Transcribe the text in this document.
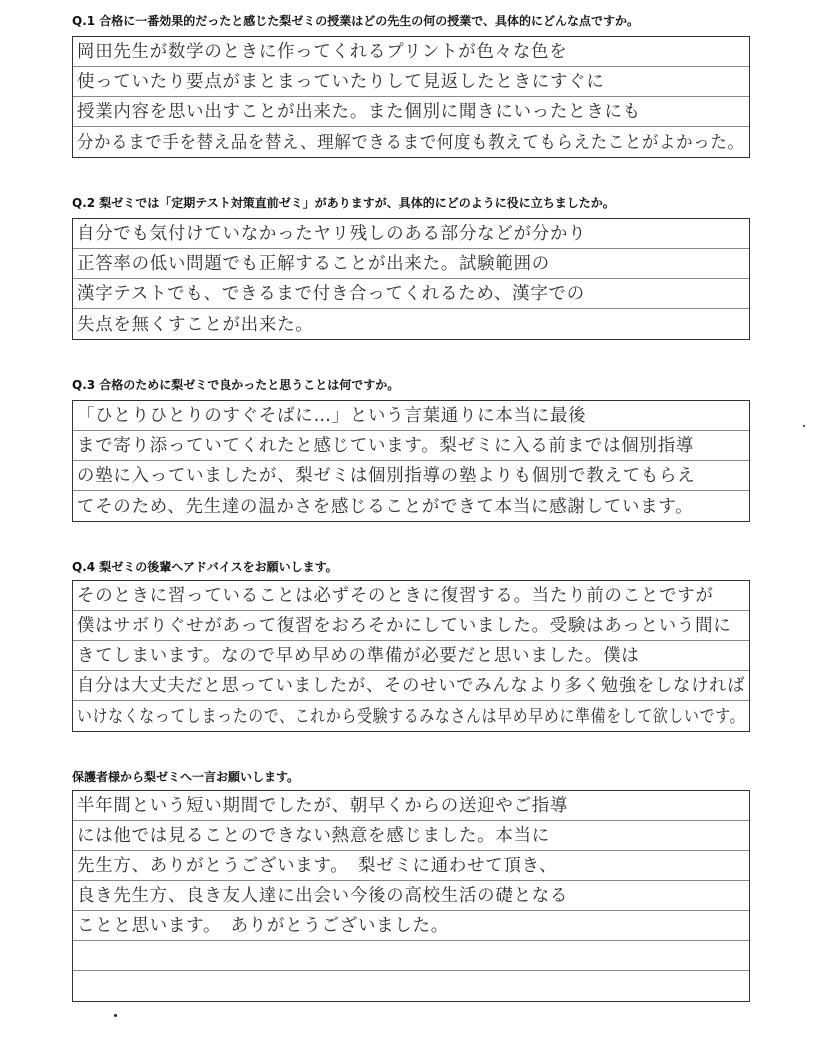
Q.1 合格に一番効果的だったと感じた梨ゼミの授業はどの先生の何の授業で、具体的にどんな点ですか。
岡田先生が数学のときに作ってくれるプリントが色々な色を
使っていたり要点がまとまっていたりして見返したときにすぐに
授業内容を思い出すことが出来た。また個別に聞きにいったときにも
分かるまで手を替え品を替え、理解できるまで何度も教えてもらえたことがよかった。
Q.2 梨ゼミでは「定期テスト対策直前ゼミ」がありますが、具体的にどのように役に立ちましたか。
自分でも気付けていなかったヤリ残しのある部分などが分かり
正答率の低い問題でも正解することが出来た。試験範囲の
漢字テストでも、できるまで付き合ってくれるため、漢字での
失点を無くすことが出来た。
Q.3 合格のために梨ゼミで良かったと思うことは何ですか。
「ひとりひとりのすぐそばに…」という言葉通りに本当に最後
まで寄り添っていてくれたと感じています。梨ゼミに入る前までは個別指導
の塾に入っていましたが、梨ゼミは個別指導の塾よりも個別で教えてもらえ
てそのため、先生達の温かさを感じることができて本当に感謝しています。
Q.4 梨ゼミの後輩へアドバイスをお願いします。
そのときに習っていることは必ずそのときに復習する。当たり前のことですが
僕はサボりぐせがあって復習をおろそかにしていました。受験はあっという間に
きてしまいます。なので早め早めの準備が必要だと思いました。僕は
自分は大丈夫だと思っていましたが、そのせいでみんなより多く勉強をしなければ
いけなくなってしまったので、これから受験するみなさんは早め早めに準備をして欲しいです。
保護者様から梨ゼミへ一言お願いします。
半年間という短い期間でしたが、朝早くからの送迎やご指導
には他では見ることのできない熱意を感じました。本当に
先生方、ありがとうございます。　梨ゼミに通わせて頂き、
良き先生方、良き友人達に出会い今後の高校生活の礎となる
ことと思います。　ありがとうございました。
